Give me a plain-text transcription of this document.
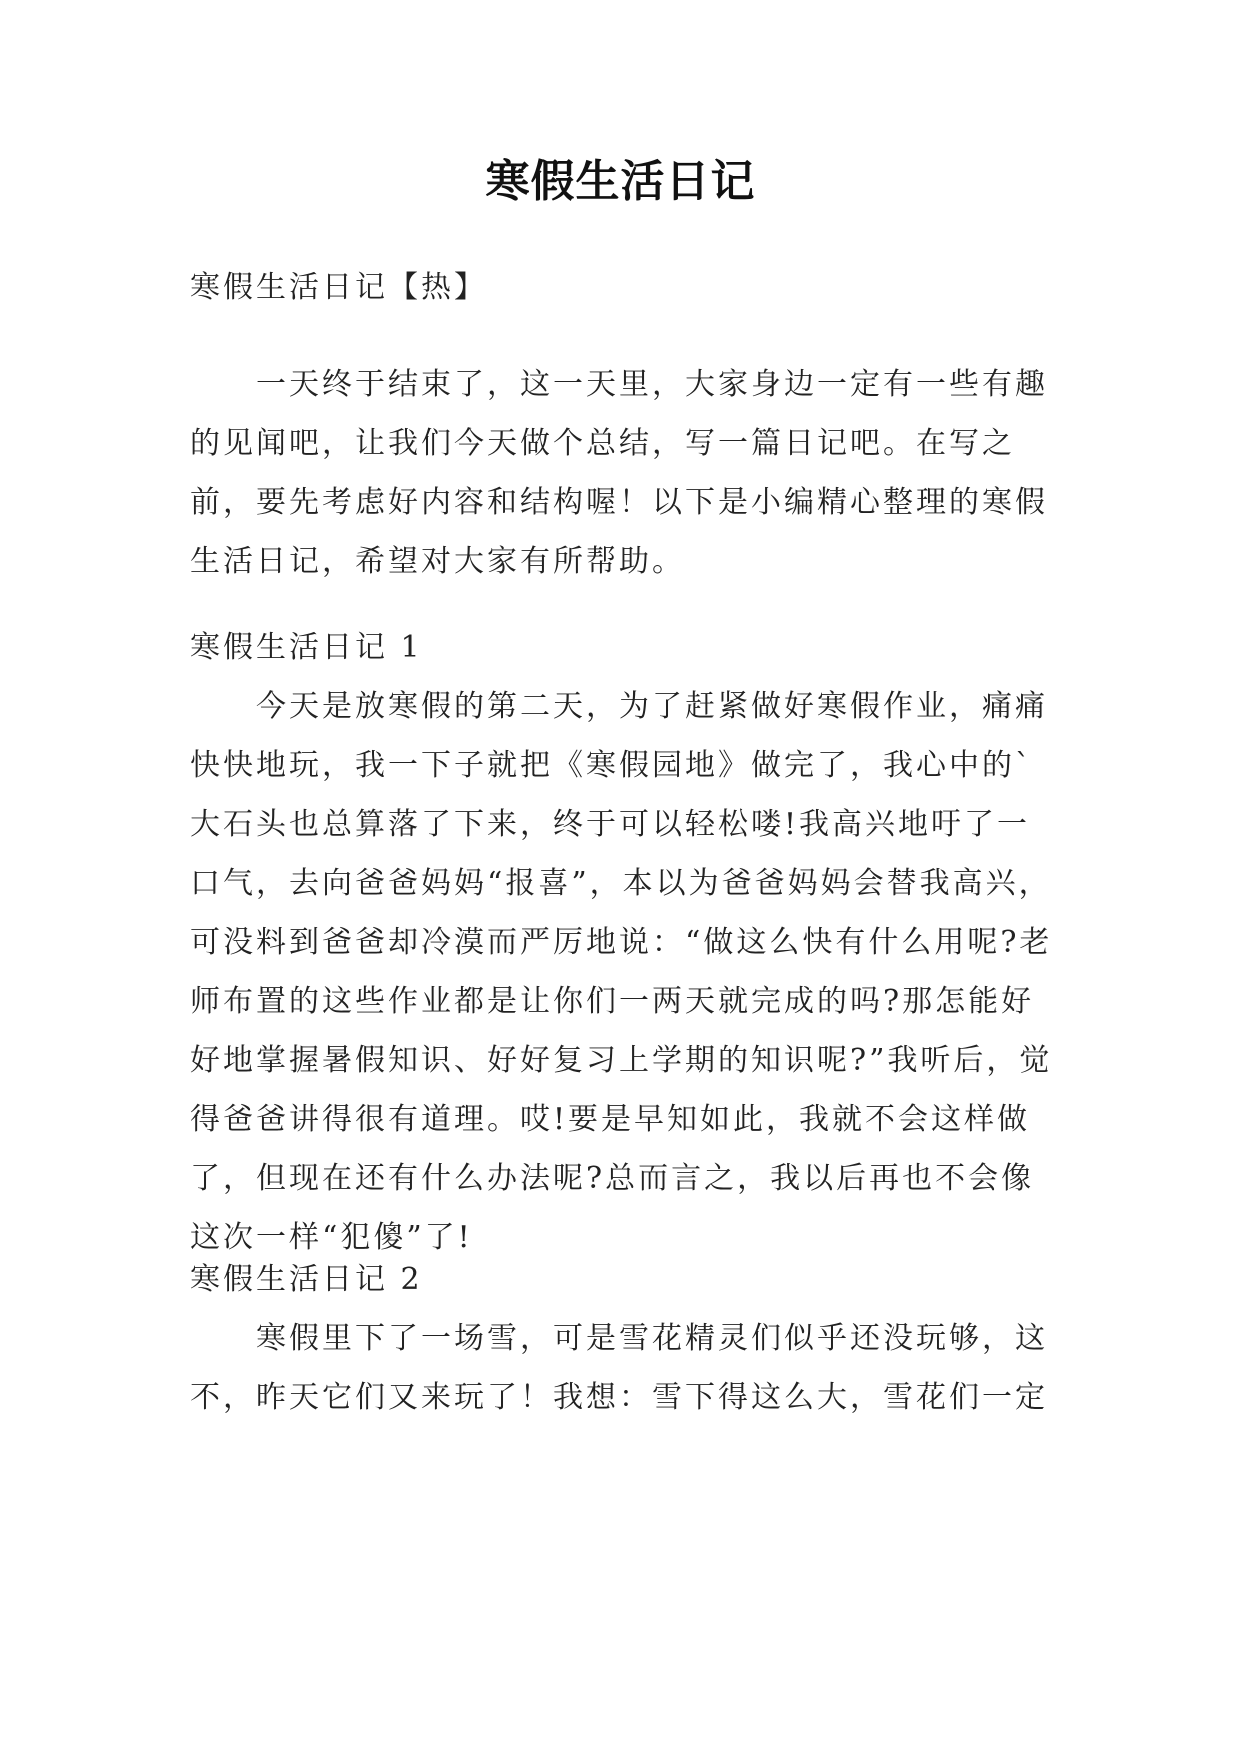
寒假生活日记

寒假生活日记【热】

一天终于结束了，这一天里，大家身边一定有一些有趣的见闻吧，让我们今天做个总结，写一篇日记吧。在写之前，要先考虑好内容和结构喔！以下是小编精心整理的寒假生活日记，希望对大家有所帮助。

寒假生活日记 1

今天是放寒假的第二天，为了赶紧做好寒假作业，痛痛快快地玩，我一下子就把《寒假园地》做完了，我心中的`大石头也总算落了下来，终于可以轻松喽!我高兴地吁了一口气，去向爸爸妈妈“报喜”，本以为爸爸妈妈会替我高兴，可没料到爸爸却冷漠而严厉地说：“做这么快有什么用呢?老师布置的这些作业都是让你们一两天就完成的吗?那怎能好好地掌握暑假知识、好好复习上学期的知识呢?”我听后，觉得爸爸讲得很有道理。哎!要是早知如此，我就不会这样做了，但现在还有什么办法呢?总而言之，我以后再也不会像这次一样“犯傻”了!

寒假生活日记 2

寒假里下了一场雪，可是雪花精灵们似乎还没玩够，这不，昨天它们又来玩了！我想：雪下得这么大，雪花们一定
